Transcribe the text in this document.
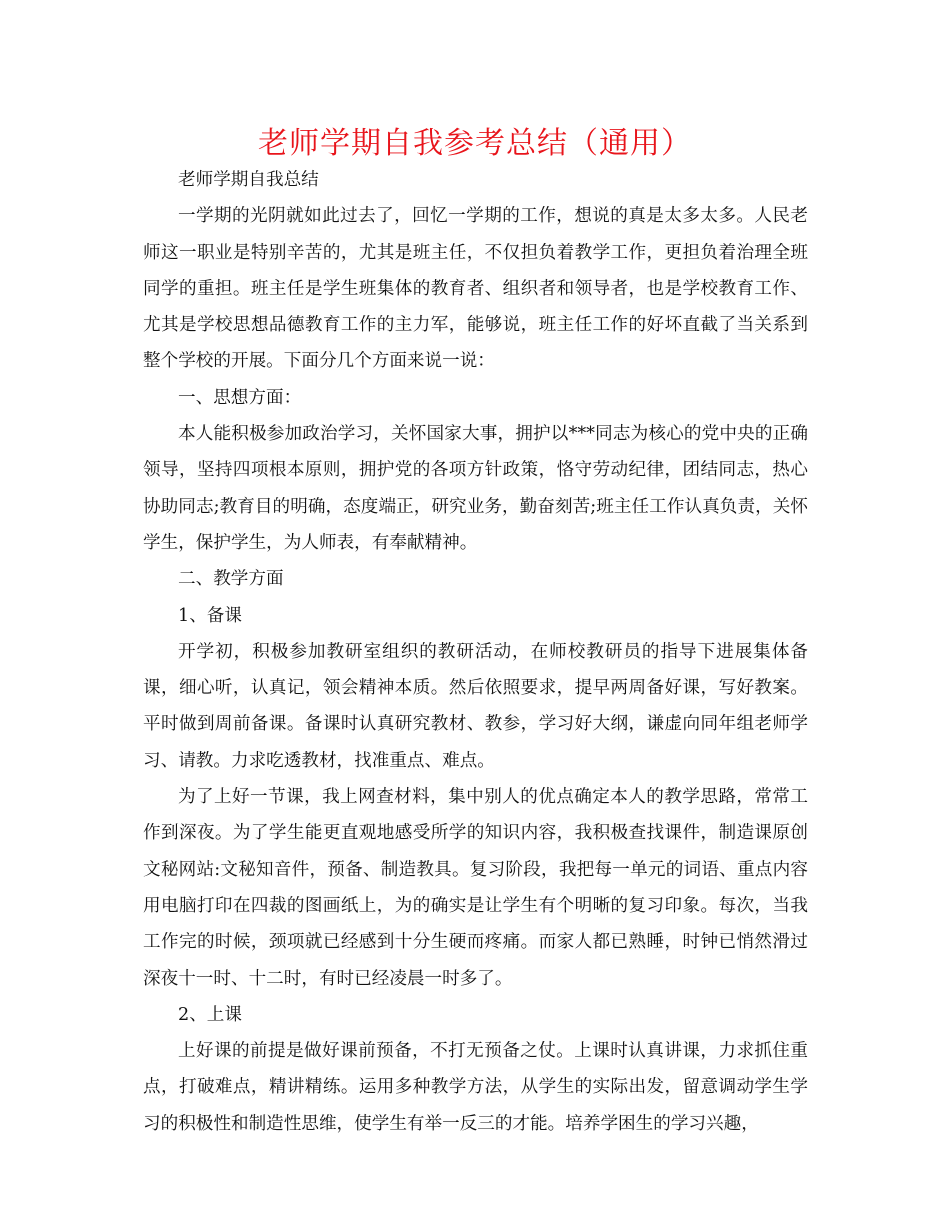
老师学期自我参考总结（通用）

老师学期自我总结

一学期的光阴就如此过去了，回忆一学期的工作，想说的真是太多太多。人民老师这一职业是特别辛苦的，尤其是班主任，不仅担负着教学工作，更担负着治理全班同学的重担。班主任是学生班集体的教育者、组织者和领导者，也是学校教育工作、尤其是学校思想品德教育工作的主力军，能够说，班主任工作的好坏直截了当关系到整个学校的开展。下面分几个方面来说一说：

一、思想方面：

本人能积极参加政治学习，关怀国家大事，拥护以***同志为核心的党中央的正确领导，坚持四项根本原则，拥护党的各项方针政策，恪守劳动纪律，团结同志，热心协助同志;教育目的明确，态度端正，研究业务，勤奋刻苦;班主任工作认真负责，关怀学生，保护学生，为人师表，有奉献精神。

二、教学方面

1、备课

开学初，积极参加教研室组织的教研活动，在师校教研员的指导下进展集体备课，细心听，认真记，领会精神本质。然后依照要求，提早两周备好课，写好教案。平时做到周前备课。备课时认真研究教材、教参，学习好大纲，谦虚向同年组老师学习、请教。力求吃透教材，找准重点、难点。

为了上好一节课，我上网查材料，集中别人的优点确定本人的教学思路，常常工作到深夜。为了学生能更直观地感受所学的知识内容，我积极查找课件，制造课原创文秘网站:文秘知音件，预备、制造教具。复习阶段，我把每一单元的词语、重点内容用电脑打印在四裁的图画纸上，为的确实是让学生有个明晰的复习印象。每次，当我工作完的时候，颈项就已经感到十分生硬而疼痛。而家人都已熟睡，时钟已悄然滑过深夜十一时、十二时，有时已经凌晨一时多了。

2、上课

上好课的前提是做好课前预备，不打无预备之仗。上课时认真讲课，力求抓住重点，打破难点，精讲精练。运用多种教学方法，从学生的实际出发，留意调动学生学习的积极性和制造性思维，使学生有举一反三的才能。培养学困生的学习兴趣，
